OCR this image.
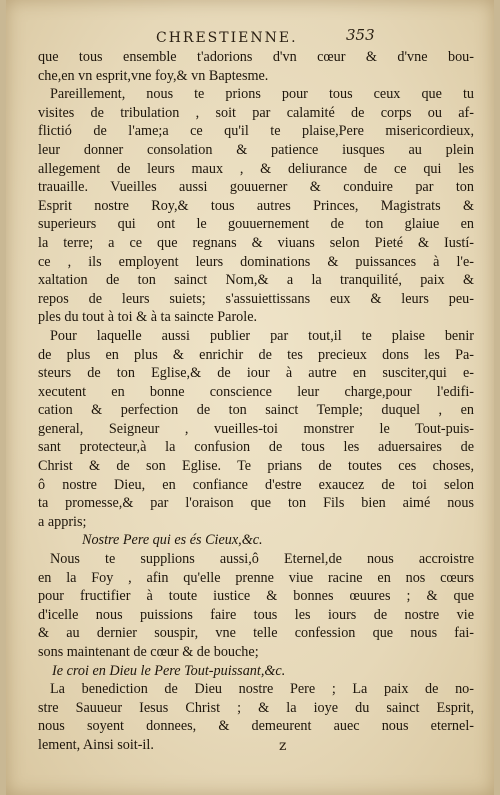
CHRESTIENNE.	353
que tous ensemble t'adorions d'vn cœur & d'vne bou-
che,en vn esprit,vne foy,& vn Baptesme.
Pareillement, nous te prions pour tous ceux que tu
visites de tribulation , soit par calamité de corps ou af-
flictió de l'ame;a ce qu'il te plaise,Pere misericordieux,
leur donner consolation & patience iusques au plein
allegement de leurs maux , & deliurance de ce qui les
trauaille. Vueilles aussi gouuerner & conduire par ton
Esprit nostre Roy,& tous autres Princes, Magistrats &
superieurs qui ont le gouuernement de ton glaiue en
la terre; a ce que regnans & viuans selon Pieté & Iustí-
ce , ils employent leurs dominations & puissances à l'e-
xaltation de ton sainct Nom,& a la tranquilité, paix &
repos de leurs suiets; s'assuiettissans eux & leurs peu-
ples du tout à toi & à ta saincte Parole.
Pour laquelle aussi publier par tout,il te plaise benir
de plus en plus & enrichir de tes precieux dons les Pa-
steurs de ton Eglise,& de iour à autre en susciter,qui e-
xecutent en bonne conscience leur charge,pour l'edifi-
cation & perfection de ton sainct Temple; duquel , en
general, Seigneur , vueilles-toi monstrer le Tout-puis-
sant protecteur,à la confusion de tous les aduersaires de
Christ & de son Eglise. Te prians de toutes ces choses,
ô nostre Dieu, en confiance d'estre exaucez de toi selon
ta promesse,& par l'oraison que ton Fils bien aimé nous
a appris;
Nostre Pere qui es és Cieux,&c.
Nous te supplions aussi,ô Eternel,de nous accroistre
en la Foy , afin qu'elle prenne viue racine en nos cœurs
pour fructifier à toute iustice & bonnes œuures ; & que
d'icelle nous puissions faire tous les iours de nostre vie
& au dernier souspir, vne telle confession que nous fai-
sons maintenant de cœur & de bouche;
Ie croi en Dieu le Pere Tout-puissant,&c.
La benediction de Dieu nostre Pere ; La paix de no-
stre Sauueur Iesus Christ ; & la ioye du sainct Esprit,
nous soyent donnees, & demeurent auec nous eternel-
lement, Ainsi soit-il.	z
